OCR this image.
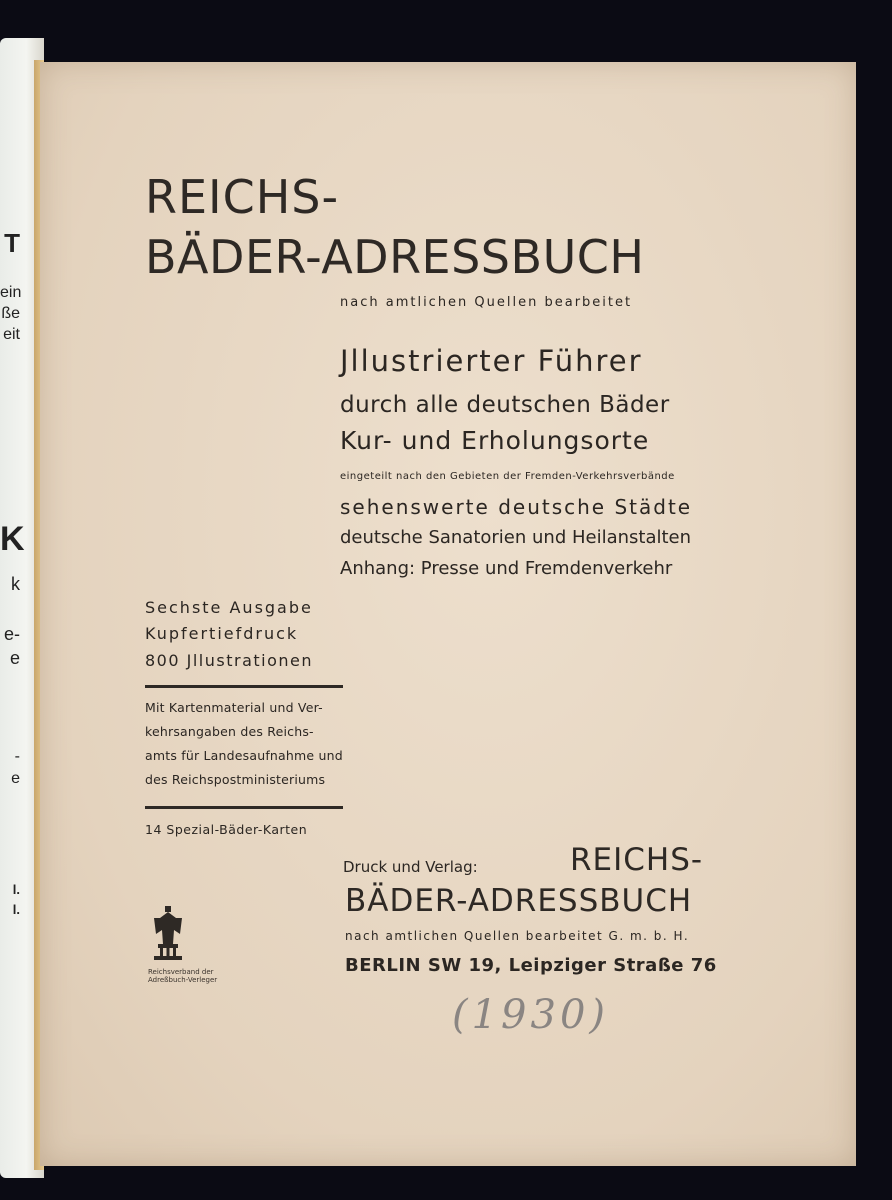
T
ein
ße
eit
K
k
e-
e
-
e
l.
l.
REICHS-
BÄDER-ADRESSBUCH
nach amtlichen Quellen bearbeitet
Jllustrierter Führer
durch alle deutschen Bäder
Kur- und Erholungsorte
eingeteilt nach den Gebieten der Fremden-Verkehrsverbände
sehenswerte deutsche Städte
deutsche Sanatorien und Heilanstalten
Anhang: Presse und Fremdenverkehr
Sechste Ausgabe
Kupfertiefdruck
800 Jllustrationen
Mit Kartenmaterial und Ver-
kehrsangaben des Reichs-
amts für Landesaufnahme und
des Reichspostministeriums
14 Spezial-Bäder-Karten
Druck und Verlag:	REICHS-
BÄDER-ADRESSBUCH
nach amtlichen Quellen bearbeitet G. m. b. H.
BERLIN SW 19, Leipziger Straße 76
Reichsverband der Adreßbuch-Verleger
(1930)
